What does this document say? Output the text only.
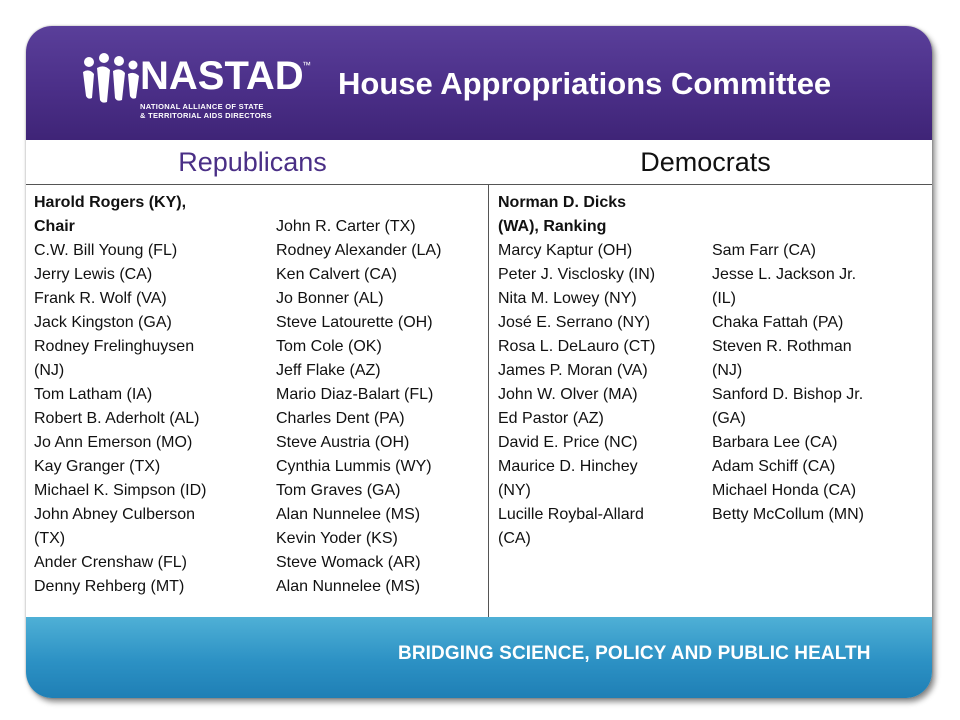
NASTAD
™
NATIONAL ALLIANCE OF STATE
& TERRITORIAL AIDS DIRECTORS
House Appropriations Committee
Republicans	Democrats
Harold Rogers (KY),
Chair
C.W. Bill Young (FL)
Jerry Lewis (CA)
Frank R. Wolf (VA)
Jack Kingston (GA)
Rodney Frelinghuysen
(NJ)
Tom Latham (IA)
Robert B. Aderholt (AL)
Jo Ann Emerson (MO)
Kay Granger (TX)
Michael K. Simpson (ID)
John Abney Culberson
(TX)
Ander Crenshaw (FL)
Denny Rehberg (MT)
John R. Carter (TX)
Rodney Alexander (LA)
Ken Calvert (CA)
Jo Bonner (AL)
Steve Latourette (OH)
Tom Cole (OK)
Jeff Flake (AZ)
Mario Diaz-Balart (FL)
Charles Dent (PA)
Steve Austria (OH)
Cynthia Lummis (WY)
Tom Graves (GA)
Alan Nunnelee (MS)
Kevin Yoder (KS)
Steve Womack (AR)
Alan Nunnelee (MS)
Norman D. Dicks
(WA), Ranking
Marcy Kaptur (OH)
Peter J. Visclosky (IN)
Nita M. Lowey (NY)
José E. Serrano (NY)
Rosa L. DeLauro (CT)
James P. Moran (VA)
John W. Olver (MA)
Ed Pastor (AZ)
David E. Price (NC)
Maurice D. Hinchey
(NY)
Lucille Roybal-Allard
(CA)
Sam Farr (CA)
Jesse L. Jackson Jr.
(IL)
Chaka Fattah (PA)
Steven R. Rothman
(NJ)
Sanford D. Bishop Jr.
(GA)
Barbara Lee (CA)
Adam Schiff (CA)
Michael Honda (CA)
Betty McCollum (MN)
BRIDGING SCIENCE, POLICY AND PUBLIC HEALTH
